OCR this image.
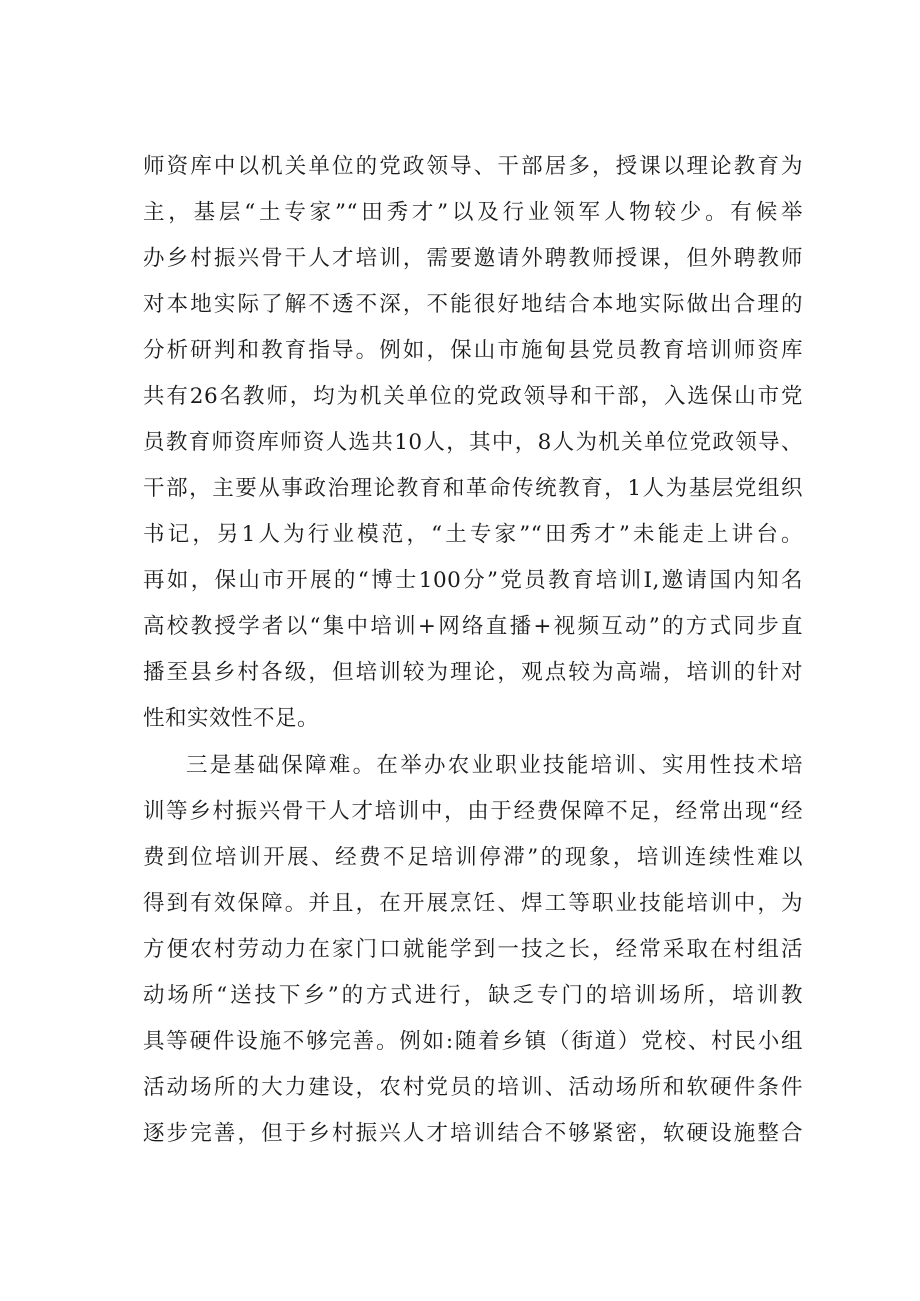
师资库中以机关单位的党政领导、干部居多，授课以理论教育为
主，基层“土专家”“田秀才”以及行业领军人物较少。有候举
办乡村振兴骨干人才培训，需要邀请外聘教师授课，但外聘教师
对本地实际了解不透不深，不能很好地结合本地实际做出合理的
分析研判和教育指导。例如，保山市施甸县党员教育培训师资库
共有26名教师，均为机关单位的党政领导和干部，入选保山市党
员教育师资库师资人选共10人，其中，8人为机关单位党政领导、
干部，主要从事政治理论教育和革命传统教育，1人为基层党组织
书记，另1人为行业模范，“土专家”“田秀才”未能走上讲台。
再如，保山市开展的“博士100分”党员教育培训I,邀请国内知名
高校教授学者以“集中培训+网络直播+视频互动”的方式同步直
播至县乡村各级，但培训较为理论，观点较为高端，培训的针对
性和实效性不足。
三是基础保障难。在举办农业职业技能培训、实用性技术培
训等乡村振兴骨干人才培训中，由于经费保障不足，经常出现“经
费到位培训开展、经费不足培训停滞”的现象，培训连续性难以
得到有效保障。并且，在开展烹饪、焊工等职业技能培训中，为
方便农村劳动力在家门口就能学到一技之长，经常采取在村组活
动场所“送技下乡”的方式进行，缺乏专门的培训场所，培训教
具等硬件设施不够完善。例如:随着乡镇（街道）党校、村民小组
活动场所的大力建设，农村党员的培训、活动场所和软硬件条件
逐步完善，但于乡村振兴人才培训结合不够紧密，软硬设施整合
